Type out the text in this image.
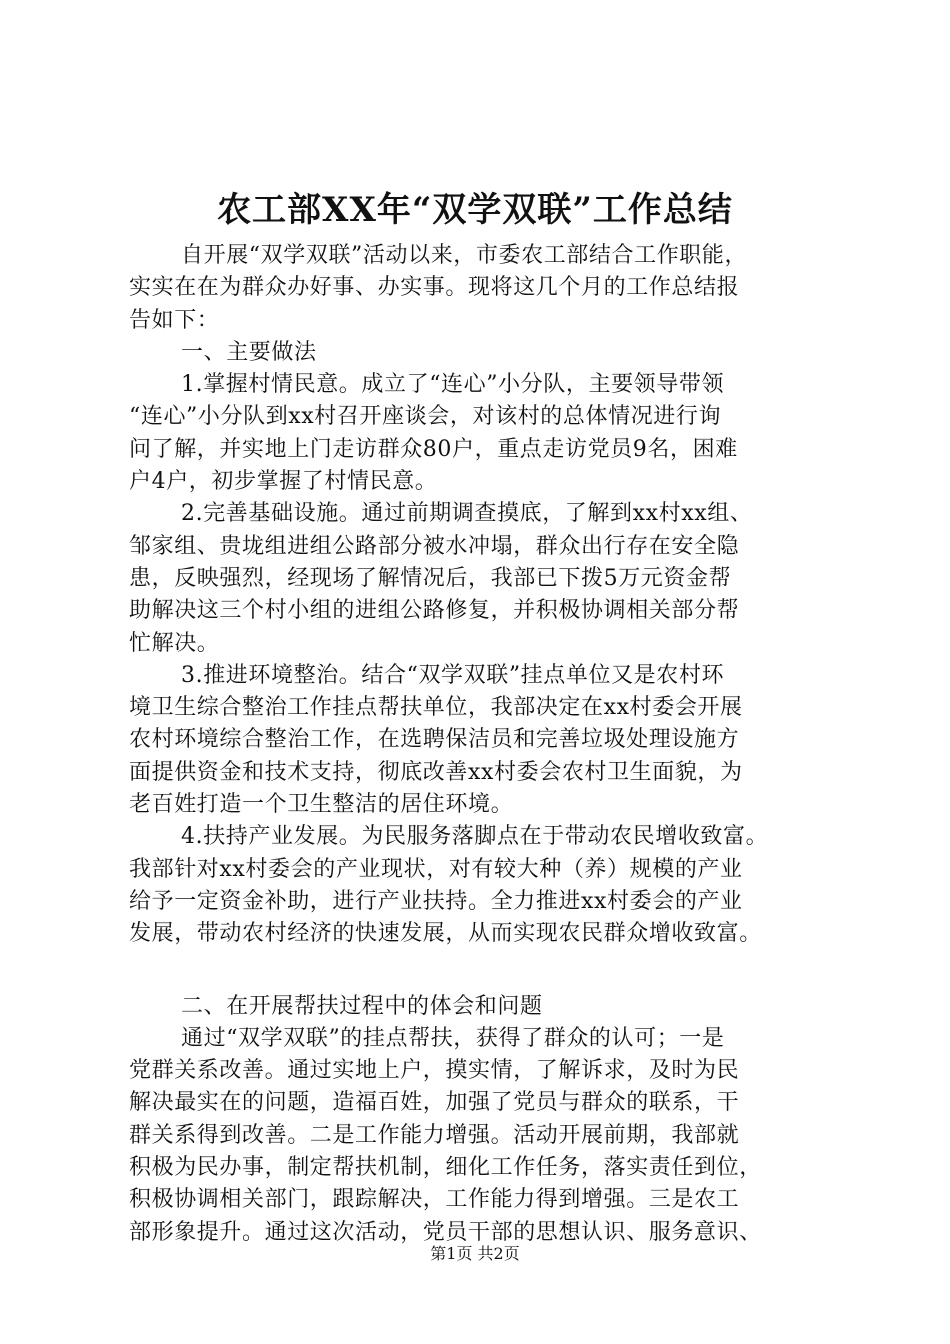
农工部XX年“双学双联”工作总结
自开展“双学双联”活动以来，市委农工部结合工作职能，
实实在在为群众办好事、办实事。现将这几个月的工作总结报
告如下：
一、主要做法
1.掌握村情民意。成立了“连心”小分队，主要领导带领
“连心”小分队到xx村召开座谈会，对该村的总体情况进行询
问了解，并实地上门走访群众80户，重点走访党员9名，困难
户4户，初步掌握了村情民意。
2.完善基础设施。通过前期调查摸底，了解到xx村xx组、
邹家组、贵垅组进组公路部分被水冲塌，群众出行存在安全隐
患，反映强烈，经现场了解情况后，我部已下拨5万元资金帮
助解决这三个村小组的进组公路修复，并积极协调相关部分帮
忙解决。
3.推进环境整治。结合“双学双联”挂点单位又是农村环
境卫生综合整治工作挂点帮扶单位，我部决定在xx村委会开展
农村环境综合整治工作，在选聘保洁员和完善垃圾处理设施方
面提供资金和技术支持，彻底改善xx村委会农村卫生面貌，为
老百姓打造一个卫生整洁的居住环境。
4.扶持产业发展。为民服务落脚点在于带动农民增收致富。
我部针对xx村委会的产业现状，对有较大种（养）规模的产业
给予一定资金补助，进行产业扶持。全力推进xx村委会的产业
发展，带动农村经济的快速发展，从而实现农民群众增收致富。
二、在开展帮扶过程中的体会和问题
通过“双学双联”的挂点帮扶，获得了群众的认可；一是
党群关系改善。通过实地上户，摸实情，了解诉求，及时为民
解决最实在的问题，造福百姓，加强了党员与群众的联系，干
群关系得到改善。二是工作能力增强。活动开展前期，我部就
积极为民办事，制定帮扶机制，细化工作任务，落实责任到位，
积极协调相关部门，跟踪解决，工作能力得到增强。三是农工
部形象提升。通过这次活动，党员干部的思想认识、服务意识、
第1页 共2页
